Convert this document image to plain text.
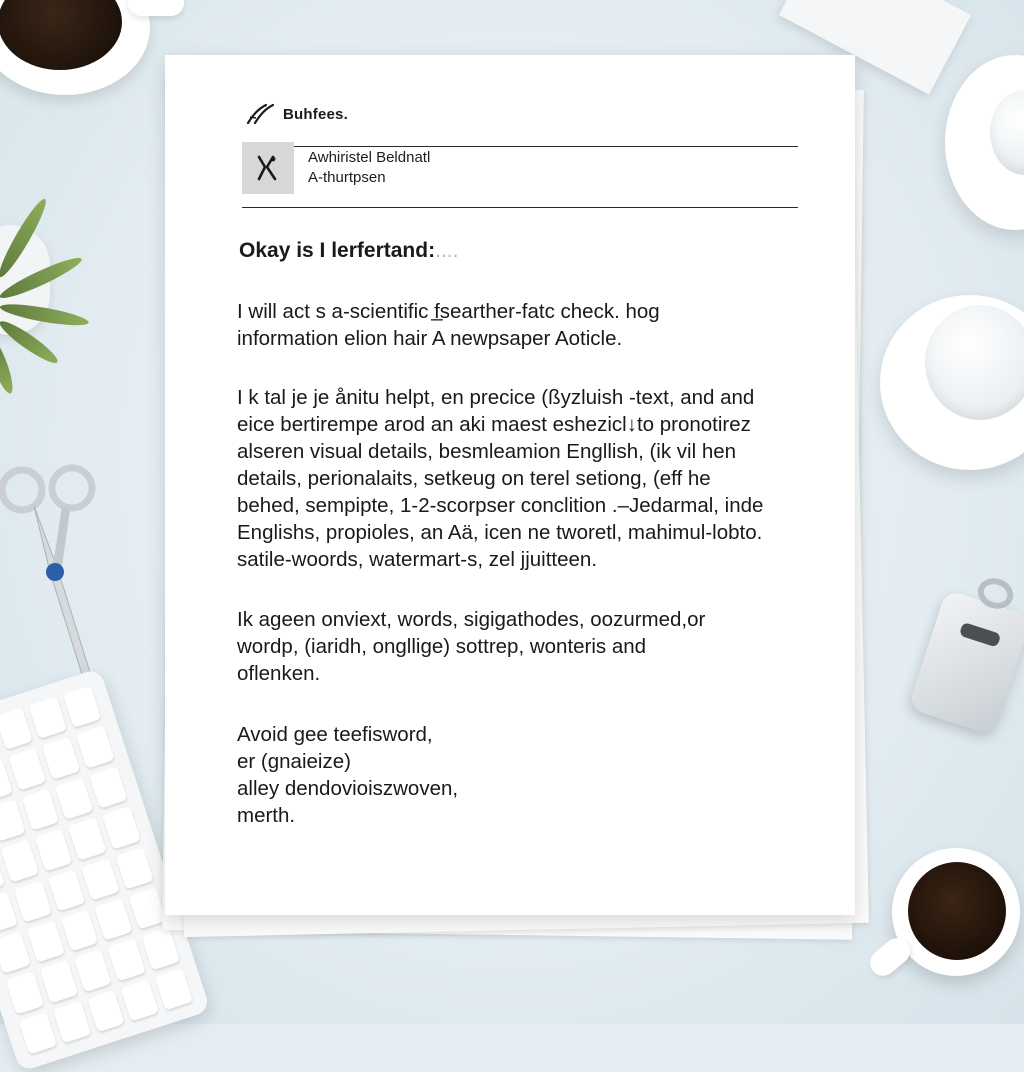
Buhfees.
Awhiristel Beldnatl
A-thurtpsen
Okay is I lerfertand:....
I will act s a-scientific f̲searther-fatc check. hog
information elion hair A newpsaper Aoticle.
I k tal je je ånitu helpt, en precice (ßyzluish -text, and and
eice bertirempe arod an aki maest eshezicl↓to pronotirez
alseren visual details, besmleamion Engllish, (ik vil hen
details, perionalaits, setkeug on terel setiong, (eff he
behed, sempipte, 1-2-scorpser conclition .–Jedarmal, inde
Englishs, propioles, an Aä, icen ne tworetl, mahimul-lobto.
satile-woords, watermart-s, zel jjuitteen.
Ik ageen onviext, words, sigigathodes, oozurmed,or
wordp, (iaridh, ongllige) sottrep, wonteris and
oflenken.
Avoid gee teefisword,
er (gnaieize)
alley dendovioiszwoven,
merth.
